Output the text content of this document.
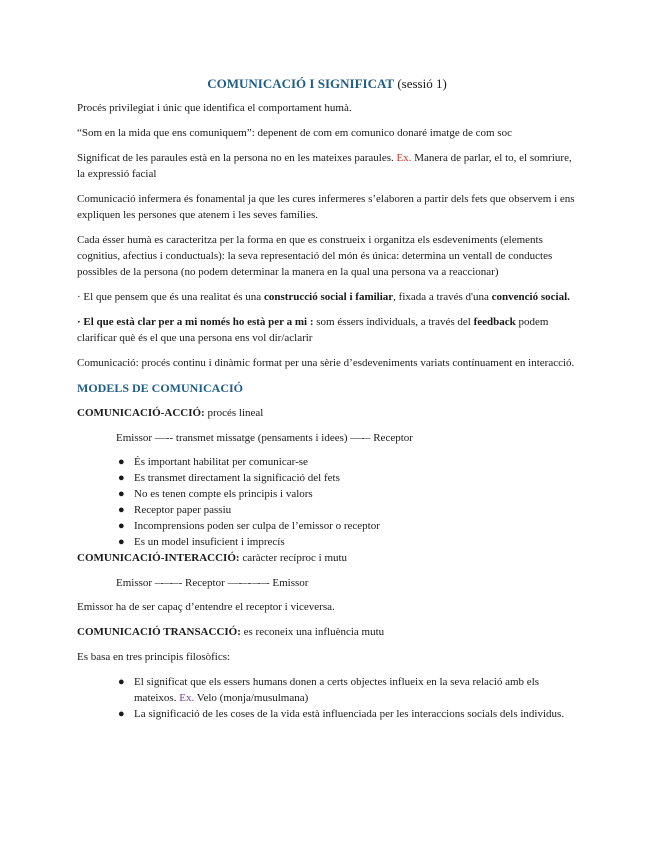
COMUNICACIÓ I SIGNIFICAT (sessió 1)

Procés privilegiat i únic que identifica el comportament humà.

“Som en la mida que ens comuniquem”: depenent de com em comunico donaré imatge de com soc

Significat de les paraules està en la persona no en les mateixes paraules. Ex. Manera de parlar, el to, el somriure, la expressió facial

Comunicació infermera és fonamental ja que les cures infermeres s’elaboren a partir dels fets que observem i ens expliquen les persones que atenem i les seves famílies.

Cada ésser humà es caracteritza per la forma en que es construeix i organitza els esdeveniments (elements cognitius, afectius i conductuals): la seva representació del món és única: determina un ventall de conductes possibles de la persona (no podem determinar la manera en la qual una persona va a reaccionar)

· El que pensem que és una realitat és una construcció social i familiar, fixada a través d'una convenció social.

· El que està clar per a mi només ho està per a mi : som éssers individuals, a través del feedback podem clarificar què és el que una persona ens vol dir/aclarir

Comunicació: procés continu i dinàmic format per una sèrie d’esdeveniments variats contínuament en interacció.

MODELS DE COMUNICACIÓ

COMUNICACIÓ-ACCIÓ: procés lineal

Emissor —-- transmet missatge (pensaments i idees) —-– Receptor

● És important habilitat per comunicar-se
● Es transmet directament la significació del fets
● No es tenen compte els principis i valors
● Receptor paper passiu
● Incomprensions poden ser culpa de l’emissor o receptor
● Es un model insuficient i imprecís

COMUNICACIÓ-INTERACCIÓ: caràcter recíproc i mutu

Emissor –-–-–- Receptor —-–-–-–- Emissor

Emissor ha de ser capaç d’entendre el receptor i viceversa.

COMUNICACIÓ TRANSACCIÓ: es reconeix una influència mutu

Es basa en tres principis filosòfics:

● El significat que els essers humans donen a certs objectes influeix en la seva relació amb els mateixos. Ex. Velo (monja/musulmana)
● La significació de les coses de la vida està influenciada per les interaccions socials dels individus.
